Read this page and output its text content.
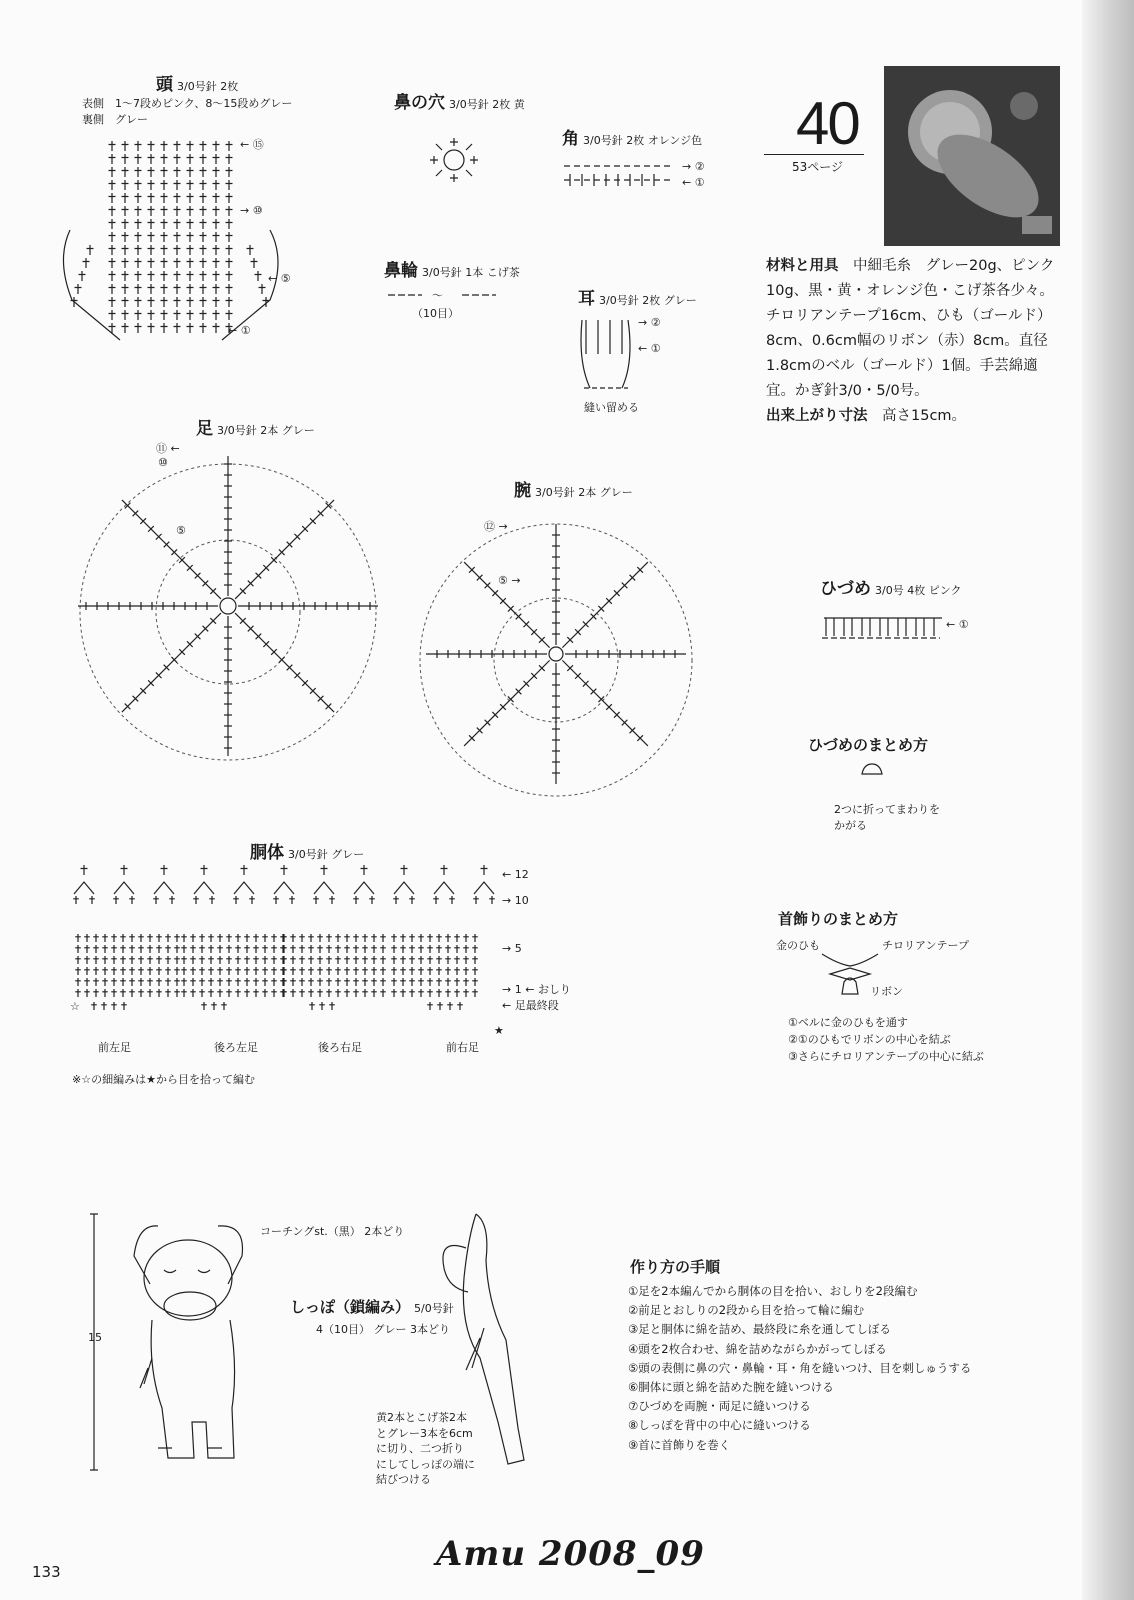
頭 3/0号針 2枚
表側　1〜7段めピンク、8〜15段めグレー
裏側　グレー
← ⑮
→ ⑩
← ⑤
← ①
鼻の穴 3/0号針 2枚 黄
角 3/0号針 2枚 オレンジ色
→ ②
← ①
鼻輪 3/0号針 1本 こげ茶
〜
（10目）
耳 3/0号針 2枚 グレー
→ ②
← ①
縫い留める
40
53ページ
材料と用具　 中細毛糸　グレー20g、ピンク10g、黒・黄・オレンジ色・こげ茶各少々。チロリアンテープ16cm、ひも（ゴールド）8cm、0.6cm幅のリボン（赤）8cm。直径1.8cmのベル（ゴールド）1個。手芸綿適宜。かぎ針3/0・5/0号。
出来上がり寸法　 高さ15cm。
足 3/0号針 2本 グレー
⑪ ←
⑩
⑤
腕 3/0号針 2本 グレー
⑫ →
⑤ →	ひづめ 3/0号 4枚 ピンク
← ①
ひづめのまとめ方
2つに折ってまわりを
かがる
胴体 3/0号針 グレー
☆
★
← 12
→ 10
→ 5
→ 1 ← おしり
← 足最終段
前左足	後ろ左足	後ろ右足	前右足
※☆の細編みは★から目を拾って編む
首飾りのまとめ方
金のひも	チロリアンテープ
リボン
①ベルに金のひもを通す
②①のひもでリボンの中心を結ぶ
③さらにチロリアンテープの中心に結ぶ
コーチングst.（黒） 2本どり
15
しっぽ（鎖編み） 5/0号針
4（10目） グレー 3本どり
黄2本とこげ茶2本
とグレー3本を6cm
に切り、二つ折り
にしてしっぽの端に
結びつける
作り方の手順
①足を2本編んでから胴体の目を拾い、おしりを2段編む
②前足とおしりの2段から目を拾って輪に編む
③足と胴体に綿を詰め、最終段に糸を通してしぼる
④頭を2枚合わせ、綿を詰めながらかがってしぼる
⑤頭の表側に鼻の穴・鼻輪・耳・角を縫いつけ、目を刺しゅうする
⑥胴体に頭と綿を詰めた腕を縫いつける
⑦ひづめを両腕・両足に縫いつける
⑧しっぽを背中の中心に縫いつける
⑨首に首飾りを巻く
Amu 2008_09
133
